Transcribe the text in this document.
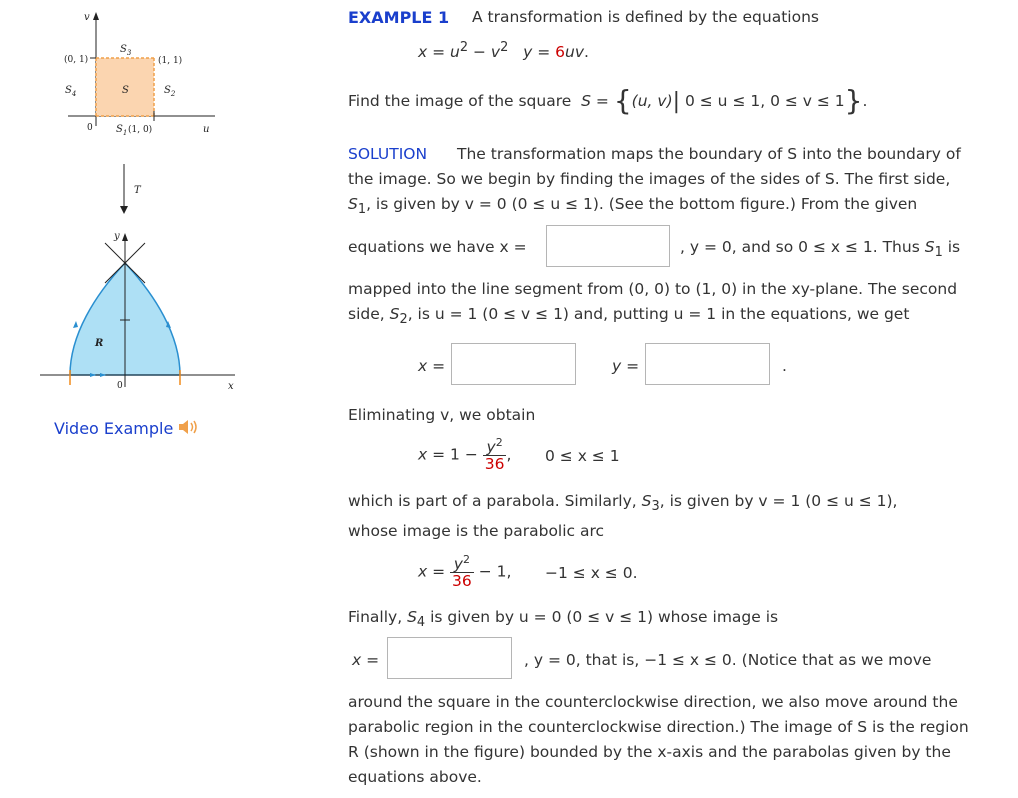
v
u
(0, 1)	(1, 1)
(1, 0)
0
S
$S_3$
$S_4$	$S_2$
$S_1$
T
y
x
0
R
Video Example
EXAMPLE 1 A transformation is defined by the equations
$x = u^2 - v^2$ y = 6uv.
Find the image of the square S = {(u, v)| 0 ≤ u ≤ 1, 0 ≤ v ≤ 1}.
SOLUTION The transformation maps the boundary of S into the boundary of
the image. So we begin by finding the images of the sides of S. The first side,
$S_1$, is given by v = 0 (0 ≤ u ≤ 1). (See the bottom figure.) From the given
equations we have x =	, y = 0, and so 0 ≤ x ≤ 1. Thus $S_1$ is
mapped into the line segment from (0, 0) to (1, 0) in the xy-plane. The second
side, $S_2$, is u = 1 (0 ≤ v ≤ 1) and, putting u = 1 in the equations, we get
x =	y =	.
Eliminating v, we obtain
$x = 1 - \frac{y^2}{36}$ , 0 ≤ x ≤ 1
which is part of a parabola. Similarly, $S_3$, is given by v = 1 (0 ≤ u ≤ 1),
whose image is the parabolic arc
$x = \frac{y^2}{36} - 1$, −1 ≤ x ≤ 0.
Finally, $S_4$ is given by u = 0 (0 ≤ v ≤ 1) whose image is
x =	, y = 0, that is, −1 ≤ x ≤ 0. (Notice that as we move
around the square in the counterclockwise direction, we also move around the
parabolic region in the counterclockwise direction.) The image of S is the region
R (shown in the figure) bounded by the x-axis and the parabolas given by the
equations above.
